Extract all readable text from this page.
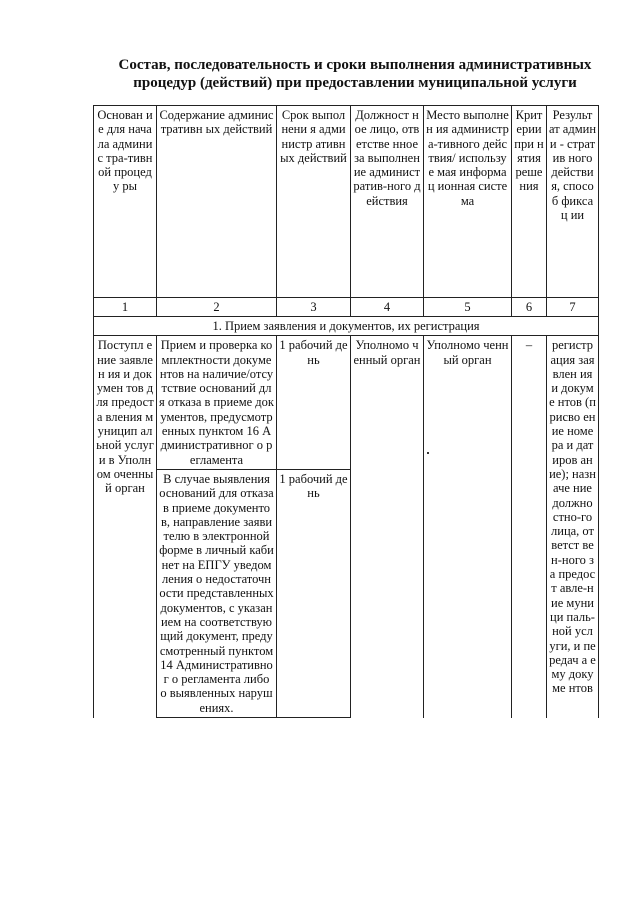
Состав, последовательность и сроки выполнения административных процедур (действий) при предоставлении муниципальной услуги
Основан ие для начала админис тра-тивной процеду ры	Содержание административн ых действий	Срок выполнени я администр ативных действий	Должност ное лицо, ответстве нное за выполнен ие админист ратив-ного действия	Место выполнен ия администр а-тивного действия/ используе мая информац ионная система	Крит ерии при нятия реше ния	Результ ат админи - стратив ного действи я, способ фиксац ии
1	2	3	4	5	6	7
1. Прием заявления и документов, их регистрация						
Поступл ение заявлен ия и докумен тов для предоста вления муницип альной услуги в Уполном оченный орган	Прием и проверка комплектности документов на наличие/отсутствие оснований для отказа в приеме документов, предусмотренных пунктом 16 Административног о регламента	1 рабочий день	Уполномо ченный орган	Уполномо ченный орган	–	регистр ация заявлен ия и докуме нтов (присво ение номера и датиров ание); назначе ние должно стно-го лица, ответст вен-ного за предост авле-ние муници паль-ной услуги, и передач а ему докуме нтов
	В случае выявления оснований для отказа в приеме документов, направление заявителю в электронной форме в личный кабинет на ЕПГУ уведомления о недостаточности представленных документов, с указанием на соответствующий документ, предусмотренный пунктом 14 Административног о регламента либо о выявленных нарушениях.	1 рабочий день				
